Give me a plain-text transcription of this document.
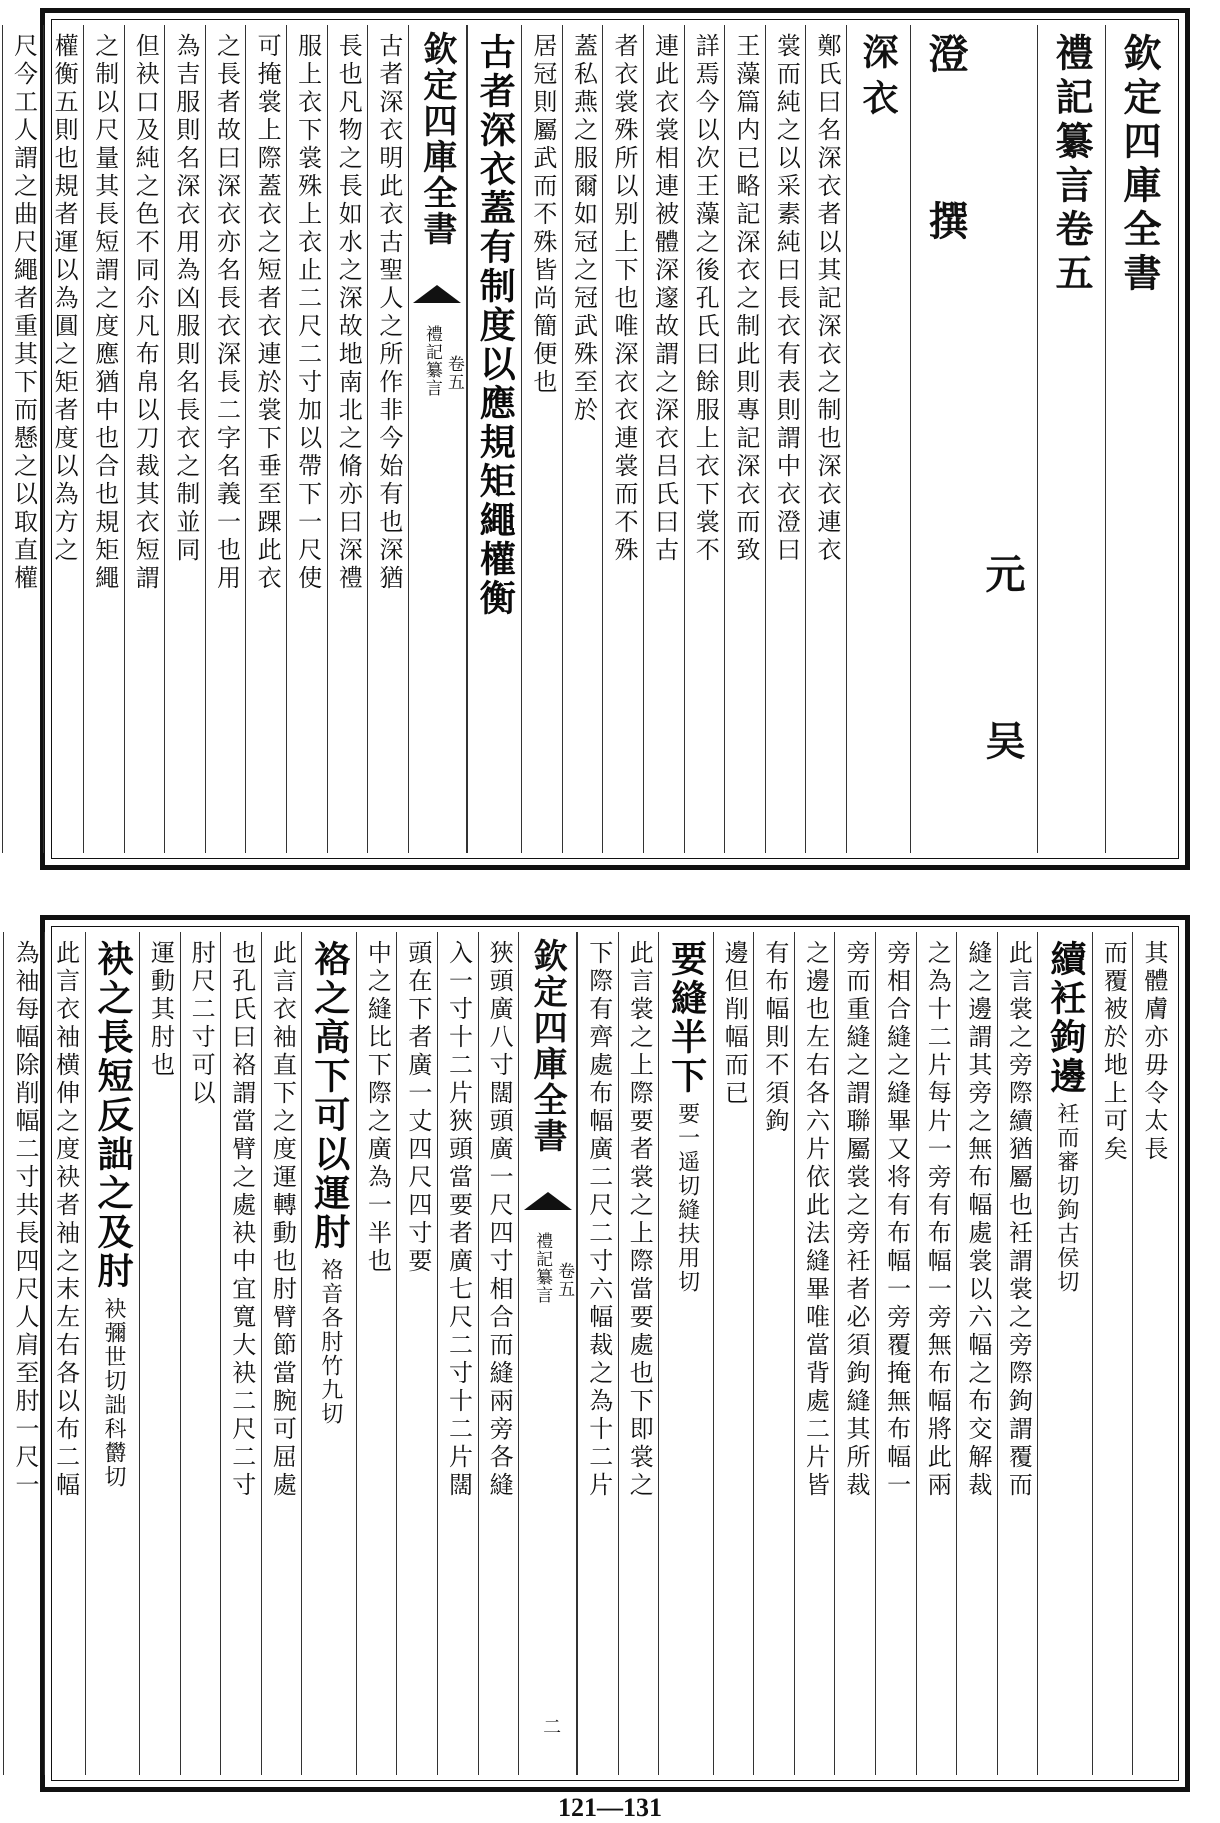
欽定四庫全書
禮記纂言卷五
元 吴澄 撰
深衣
鄭氏曰名深衣者以其記深衣之制也深衣連衣
裳而純之以采素純曰長衣有表則謂中衣澄曰
王藻篇内已略記深衣之制此則專記深衣而致
詳焉今以次王藻之後孔氏曰餘服上衣下裳不
連此衣裳相連被體深邃故謂之深衣吕氏曰古
者衣裳殊所以别上下也唯深衣衣連裳而不殊
蓋私燕之服爾如冠之冠武殊至於
居冠則屬武而不殊皆尚簡便也
古者深衣蓋有制度以應規矩繩權衡
欽定四庫全書
禮記纂言 卷五
古者深衣明此衣古聖人之所作非今始有也深猶
長也凡物之長如水之深故地南北之脩亦曰深禮
服上衣下裳殊上衣止二尺二寸加以帶下一尺使
可掩裳上際蓋衣之短者衣連於裳下垂至踝此衣
之長者故曰深衣亦名長衣深長二字名義一也用
為吉服則名深衣用為凶服則名長衣之制並同
但袂口及純之色不同尒凡布帛以刀裁其衣短謂
之制以尺量其長短謂之度應猶中也合也規矩繩
權衡五則也規者運以為圓之矩者度以為方之
尺今工人謂之曲尺繩者重其下而懸之以取直權
其體膚亦毋令太長
而覆被於地上可矣
續衽鉤邊衽而審切鉤古侯切
此言裳之旁際續猶屬也衽謂裳之旁際鉤謂覆而
縫之邊謂其旁之無布幅處裳以六幅之布交解裁
之為十二片每片一旁有布幅一旁無布幅將此兩
旁相合縫之縫畢又将有布幅一旁覆掩無布幅一
旁而重縫之謂聯屬裳之旁衽者必須鉤縫其所裁
之邊也左右各六片依此法縫畢唯當背處二片皆
有布幅則不須鉤
邊但削幅而已
要縫半下要一遥切縫扶用切
此言裳之上際要者裳之上際當要處也下即裳之
下際有齊處布幅廣二尺二寸六幅裁之為十二片
欽定四庫全書
禮記纂言 卷五
二
狹頭廣八寸闊頭廣一尺四寸相合而縫兩旁各縫
入一寸十二片狹頭當要者廣七尺二寸十二片闊
頭在下者廣一丈四尺四寸要
中之縫比下際之廣為一半也
袼之高下可以運肘袼音各肘竹九切
此言衣袖直下之度運轉動也肘臂節當腕可屈處
也孔氏曰袼謂當臂之處袂中宜寬大袂二尺二寸
肘尺二寸可以
運動其肘也
袂之長短反詘之及肘袂彌世切詘科欝切
此言衣袖横伸之度袂者袖之末左右各以布二幅
為袖每幅除削幅二寸共長四尺人肩至肘一尺一
121—131
